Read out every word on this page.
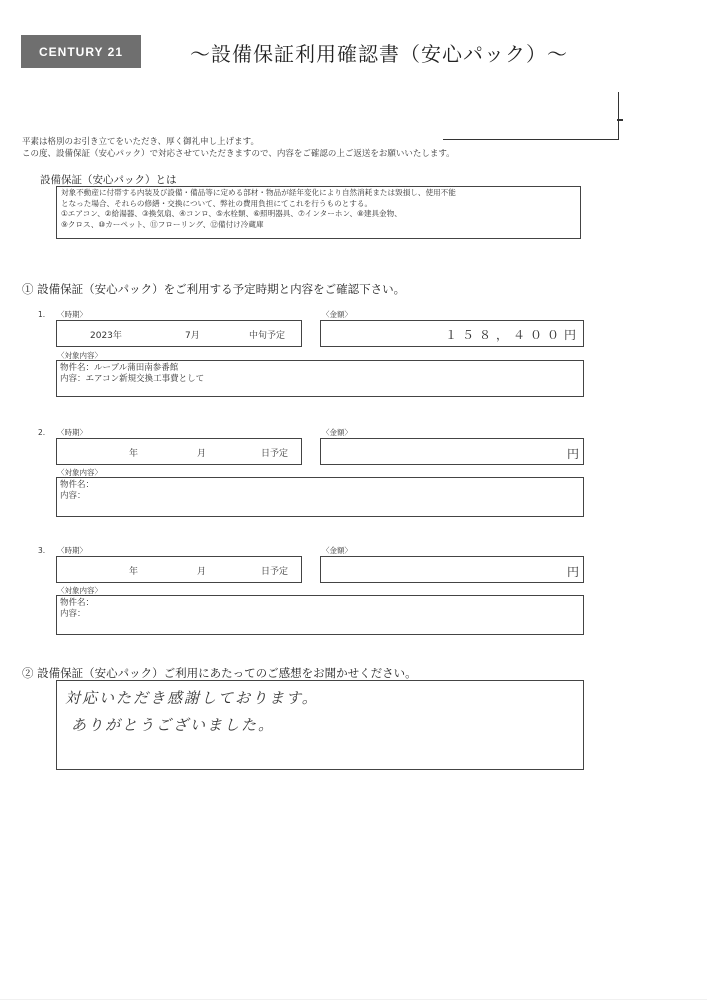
CENTURY 21	～設備保証利用確認書（安心パック）～
平素は格別のお引き立てをいただき、厚く御礼申し上げます。
この度、設備保証（安心パック）で対応させていただきますので、内容をご確認の上ご返送をお願いいたします。
設備保証（安心パック）とは
対象不動産に付帯する内装及び設備・備品等に定める部材・物品が経年変化により自然消耗または毀損し、使用不能
となった場合、それらの修繕・交換について、弊社の費用負担にてこれを行うものとする。
①エアコン、②給湯器、③換気扇、④コンロ、⑤水栓類、⑥照明器具、⑦インターホン、⑧建具金物、
⑨クロス、⑩カーペット、⑪フローリング、⑫備付け冷蔵庫
① 設備保証（安心パック）をご利用する予定時期と内容をご確認下さい。
1. 〈時期〉	〈金額〉
2023年	7月	中旬予定	１５８，４００円
〈対象内容〉
物件名：ルーブル蒲田南参番館
内容：エアコン新規交換工事費として
2. 〈時期〉	〈金額〉
年	月	日予定	円
〈対象内容〉
物件名：
内容：
3. 〈時期〉	〈金額〉
年	月	日予定	円
〈対象内容〉
物件名：
内容：
② 設備保証（安心パック）ご利用にあたってのご感想をお聞かせください。
対応いただき感謝しております。
ありがとうございました。
